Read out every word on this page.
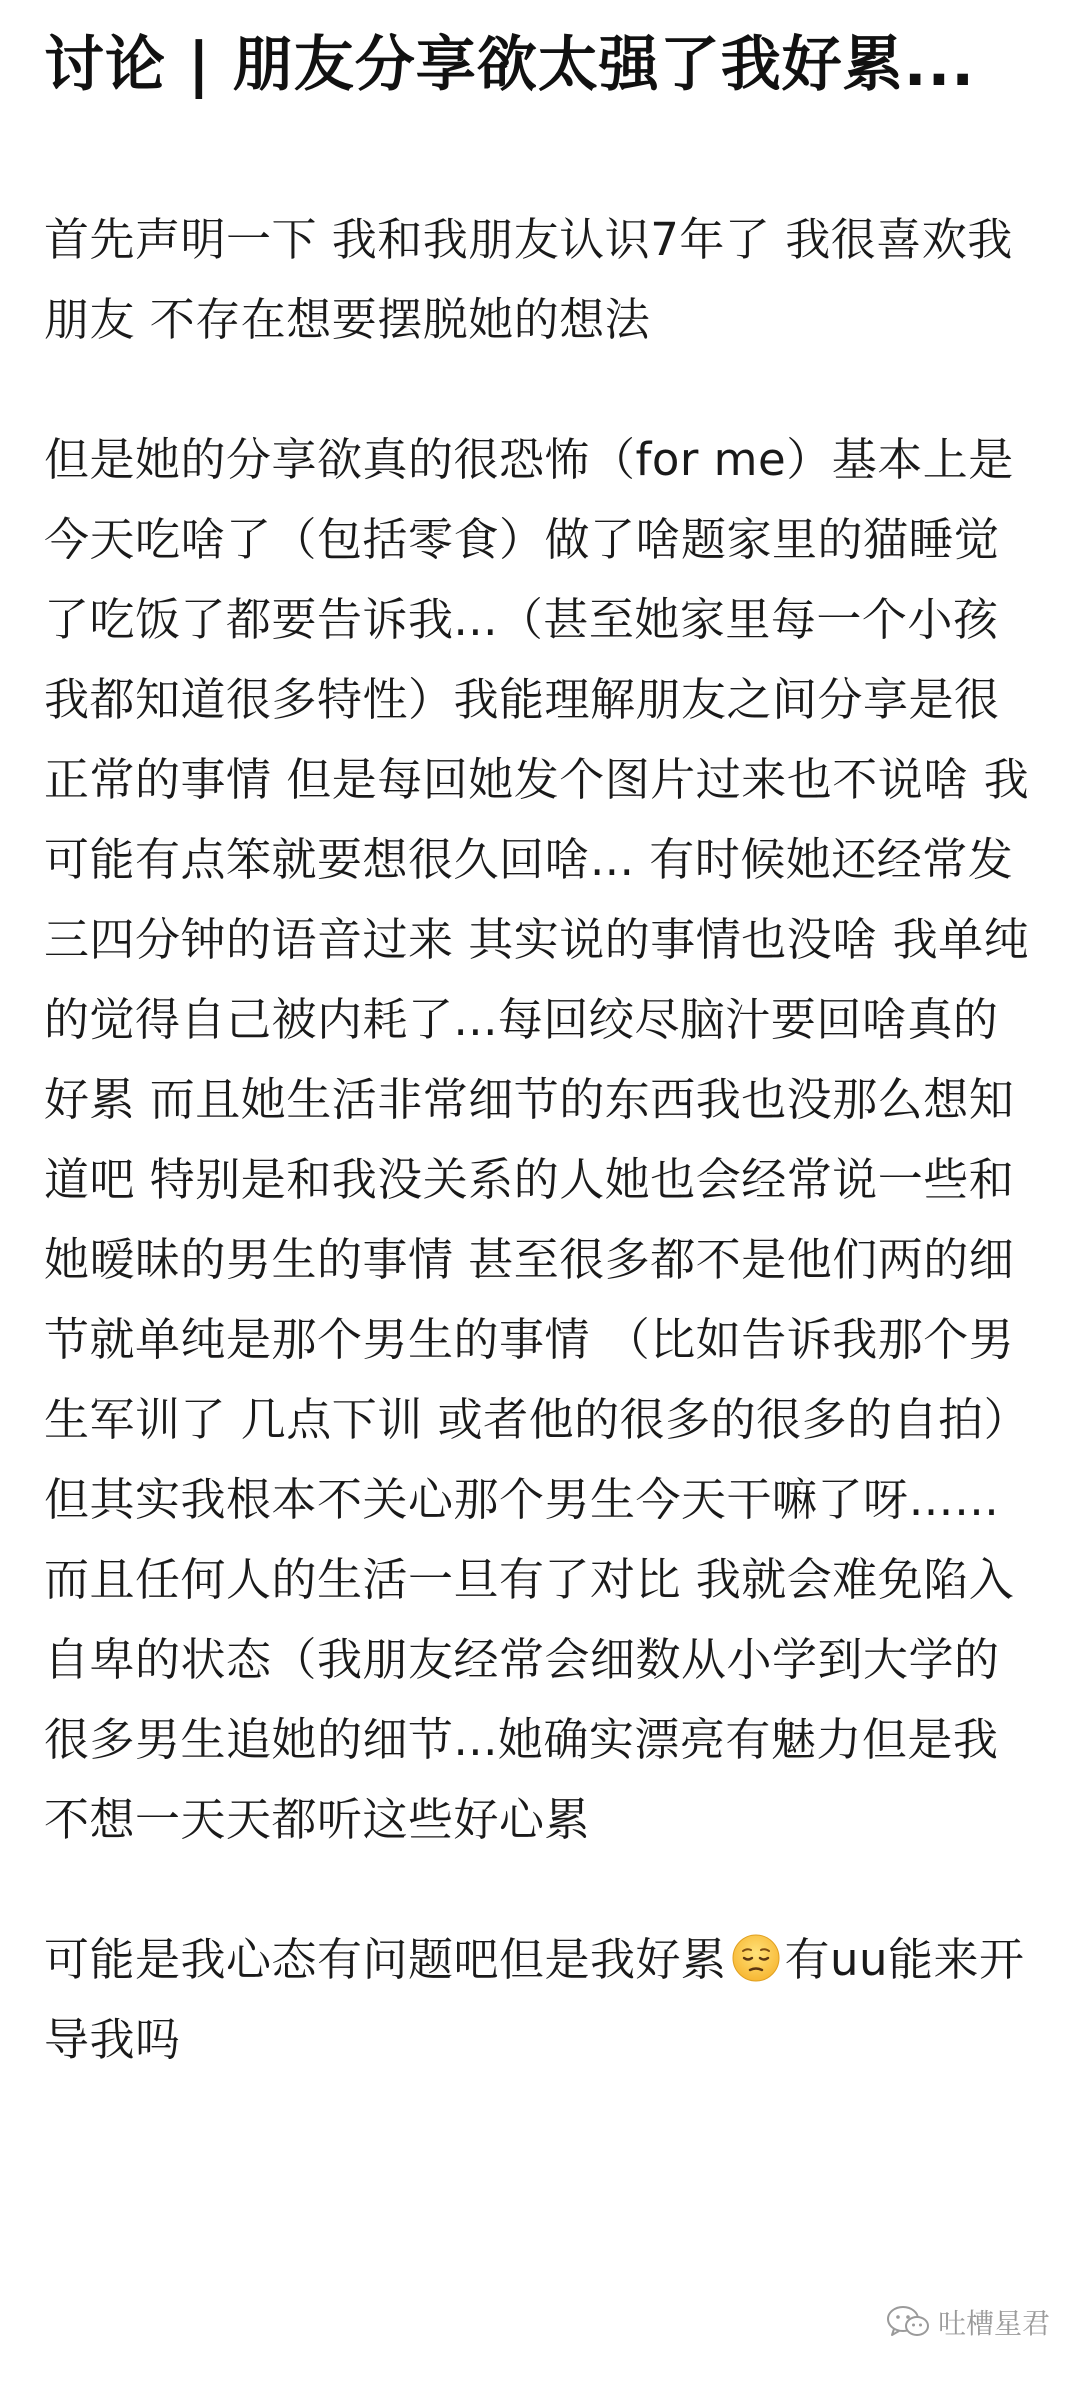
讨论 | 朋友分享欲太强了我好累...

首先声明一下 我和我朋友认识7年了 我很喜欢我朋友 不存在想要摆脱她的想法

但是她的分享欲真的很恐怖（for me）基本上是今天吃啥了（包括零食）做了啥题家里的猫睡觉了吃饭了都要告诉我...（甚至她家里每一个小孩我都知道很多特性）我能理解朋友之间分享是很正常的事情 但是每回她发个图片过来也不说啥 我可能有点笨就要想很久回啥... 有时候她还经常发三四分钟的语音过来 其实说的事情也没啥 我单纯的觉得自己被内耗了...每回绞尽脑汁要回啥真的好累 而且她生活非常细节的东西我也没那么想知道吧 特别是和我没关系的人她也会经常说一些和她暧昧的男生的事情 甚至很多都不是他们两的细节就单纯是那个男生的事情 （比如告诉我那个男生军训了 几点下训 或者他的很多的很多的自拍）但其实我根本不关心那个男生今天干嘛了呀……而且任何人的生活一旦有了对比 我就会难免陷入自卑的状态（我朋友经常会细数从小学到大学的很多男生追她的细节...她确实漂亮有魅力但是我不想一天天都听这些好心累

可能是我心态有问题吧但是我好累 有uu能来开导我吗

吐槽星君
